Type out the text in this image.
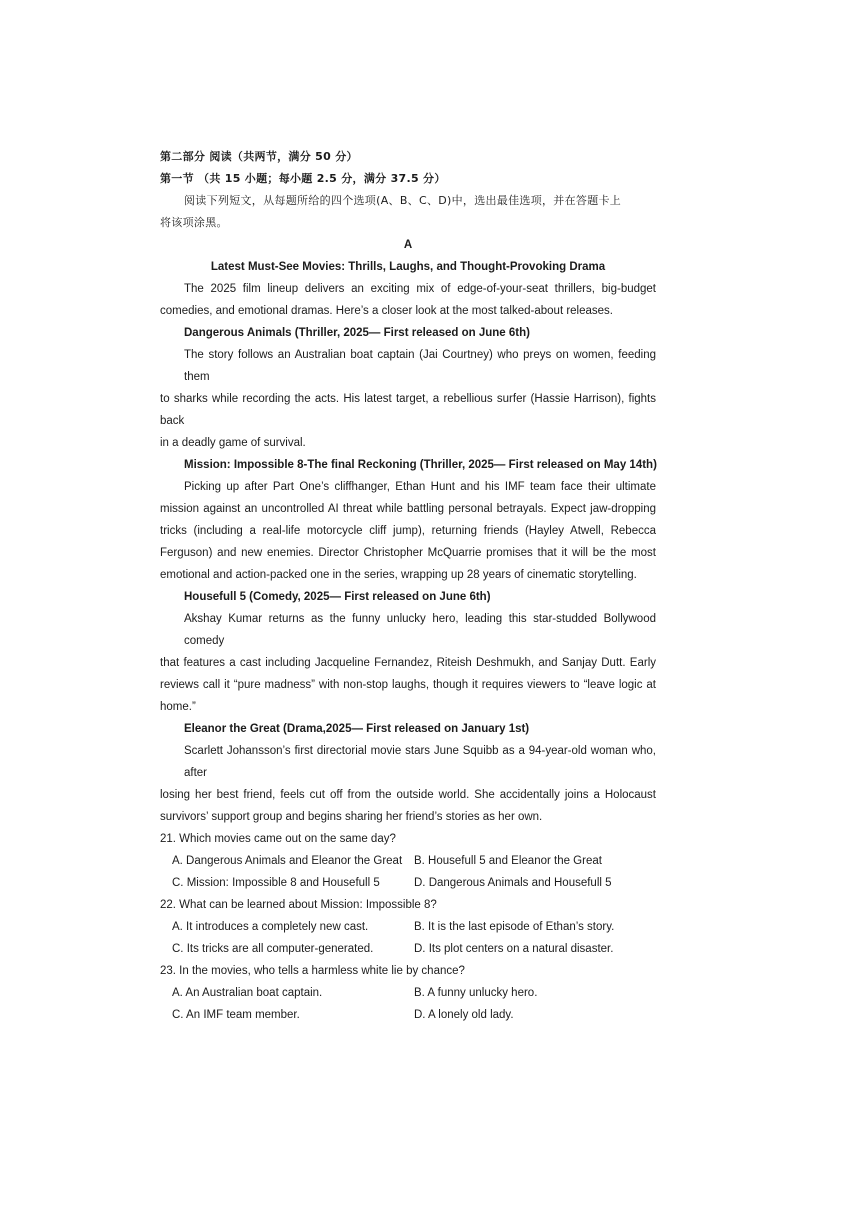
第二部分 阅读（共两节，满分 50 分）
第一节 （共 15 小题；每小题 2.5 分，满分 37.5 分）
阅读下列短文，从每题所给的四个选项(A、B、C、D)中，选出最佳选项，并在答题卡上
将该项涂黑。
A
Latest Must-See Movies: Thrills, Laughs, and Thought-Provoking Drama
The 2025 film lineup delivers an exciting mix of edge-of-your-seat thrillers, big-budget
comedies, and emotional dramas. Here’s a closer look at the most talked-about releases.
Dangerous Animals (Thriller, 2025— First released on June 6th)
The story follows an Australian boat captain (Jai Courtney) who preys on women, feeding them
to sharks while recording the acts. His latest target, a rebellious surfer (Hassie Harrison), fights back
in a deadly game of survival.
Mission: Impossible 8-The final Reckoning (Thriller, 2025— First released on May 14th)
Picking up after Part One’s cliffhanger, Ethan Hunt and his IMF team face their ultimate
mission against an uncontrolled AI threat while battling personal betrayals. Expect jaw-dropping
tricks (including a real-life motorcycle cliff jump), returning friends (Hayley Atwell, Rebecca
Ferguson) and new enemies. Director Christopher McQuarrie promises that it will be the most
emotional and action-packed one in the series, wrapping up 28 years of cinematic storytelling.
Housefull 5 (Comedy, 2025— First released on June 6th)
Akshay Kumar returns as the funny unlucky hero, leading this star-studded Bollywood comedy
that features a cast including Jacqueline Fernandez, Riteish Deshmukh, and Sanjay Dutt. Early
reviews call it “pure madness” with non-stop laughs, though it requires viewers to “leave logic at
home.”
Eleanor the Great (Drama,2025— First released on January 1st)
Scarlett Johansson’s first directorial movie stars June Squibb as a 94-year-old woman who, after
losing her best friend, feels cut off from the outside world. She accidentally joins a Holocaust
survivors’ support group and begins sharing her friend’s stories as her own.
21. Which movies came out on the same day?
A. Dangerous Animals and Eleanor the Great	B. Housefull 5 and Eleanor the Great
C. Mission: Impossible 8 and Housefull 5	D. Dangerous Animals and Housefull 5
22. What can be learned about Mission: Impossible 8?
A. It introduces a completely new cast.	B. It is the last episode of Ethan’s story.
C. Its tricks are all computer-generated.	D. Its plot centers on a natural disaster.
23. In the movies, who tells a harmless white lie by chance?
A. An Australian boat captain.	B. A funny unlucky hero.
C. An IMF team member.	D. A lonely old lady.
